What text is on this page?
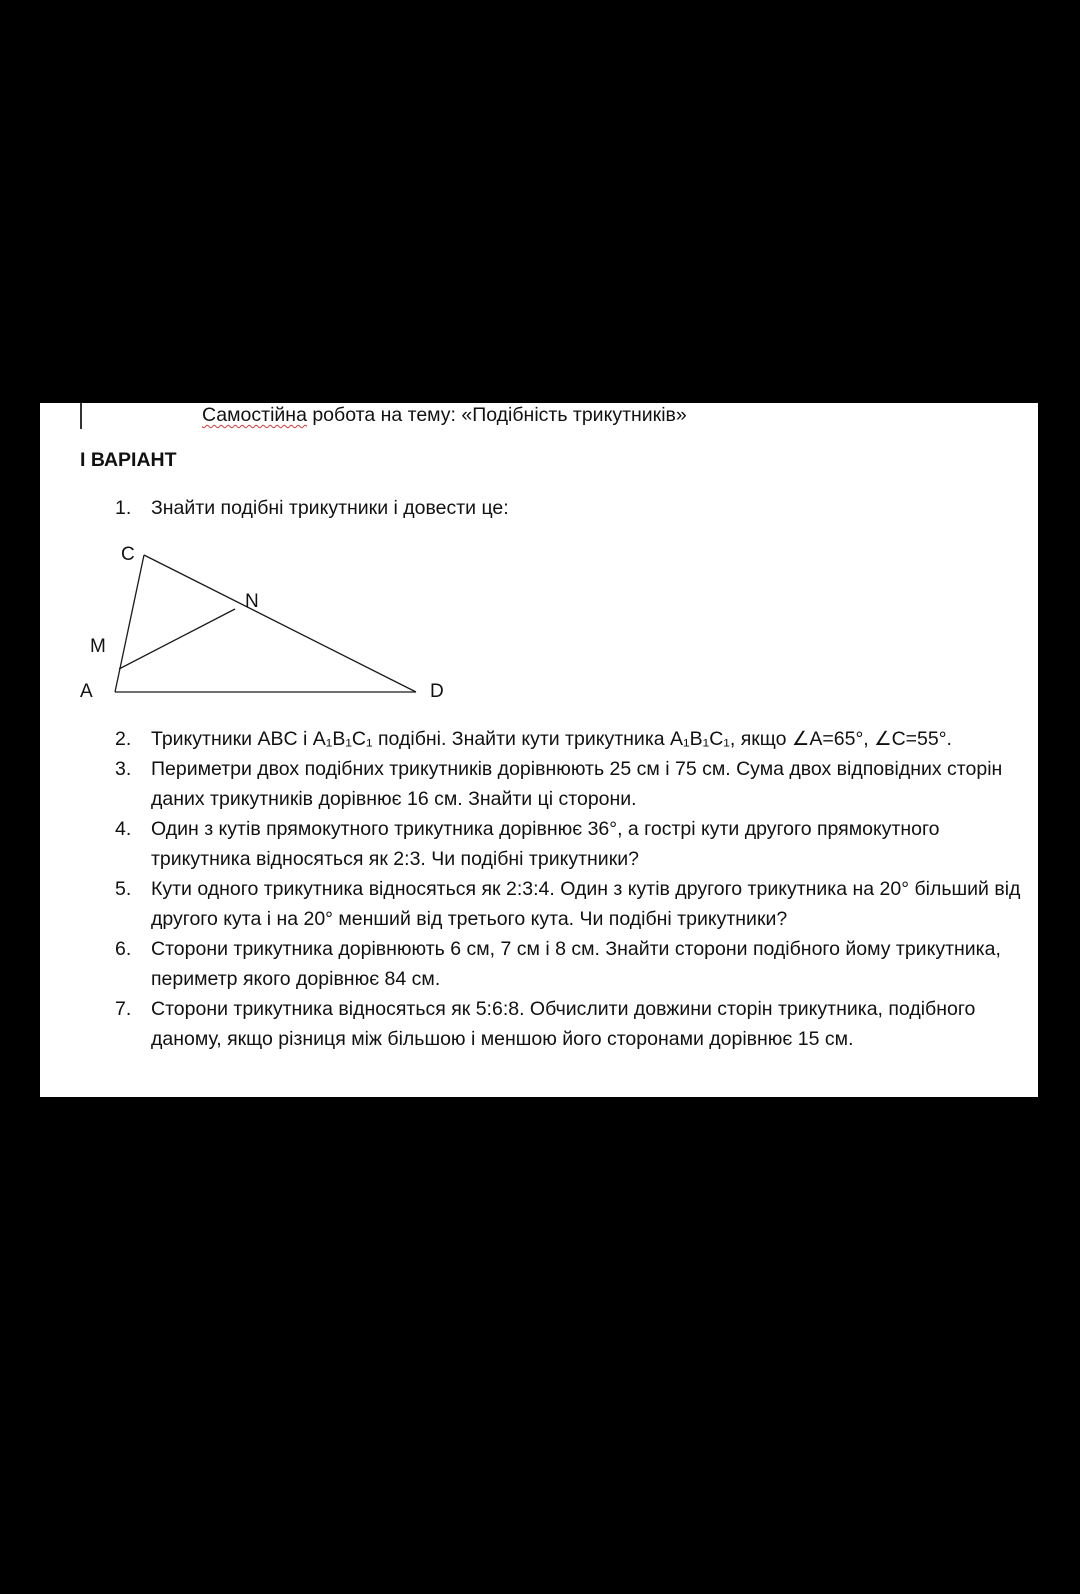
Самостійна робота на тему: «Подібність трикутників»
І ВАРІАНТ
1. Знайти подібні трикутники і довести це:
C
N
M
A	D
2.	Трикутники ABC і A₁B₁C₁ подібні. Знайти кути трикутника A₁B₁C₁, якщо ∠A=65°, ∠C=55°.
3.	Периметри двох подібних трикутників дорівнюють 25 см і 75 см. Сума двох відповідних сторін даних трикутників дорівнює 16 см. Знайти ці сторони.
4.	Один з кутів прямокутного трикутника дорівнює 36°, а гострі кути другого прямокутного трикутника відносяться як 2:3. Чи подібні трикутники?
5.	Кути одного трикутника відносяться як 2:3:4. Один з кутів другого трикутника на 20° більший від другого кута і на 20° менший від третього кута. Чи подібні трикутники?
6.	Сторони трикутника дорівнюють 6 см, 7 см і 8 см. Знайти сторони подібного йому трикутника, периметр якого дорівнює 84 см.
7.	Сторони трикутника відносяться як 5:6:8. Обчислити довжини сторін трикутника, подібного даному, якщо різниця між більшою і меншою його сторонами дорівнює 15 см.
